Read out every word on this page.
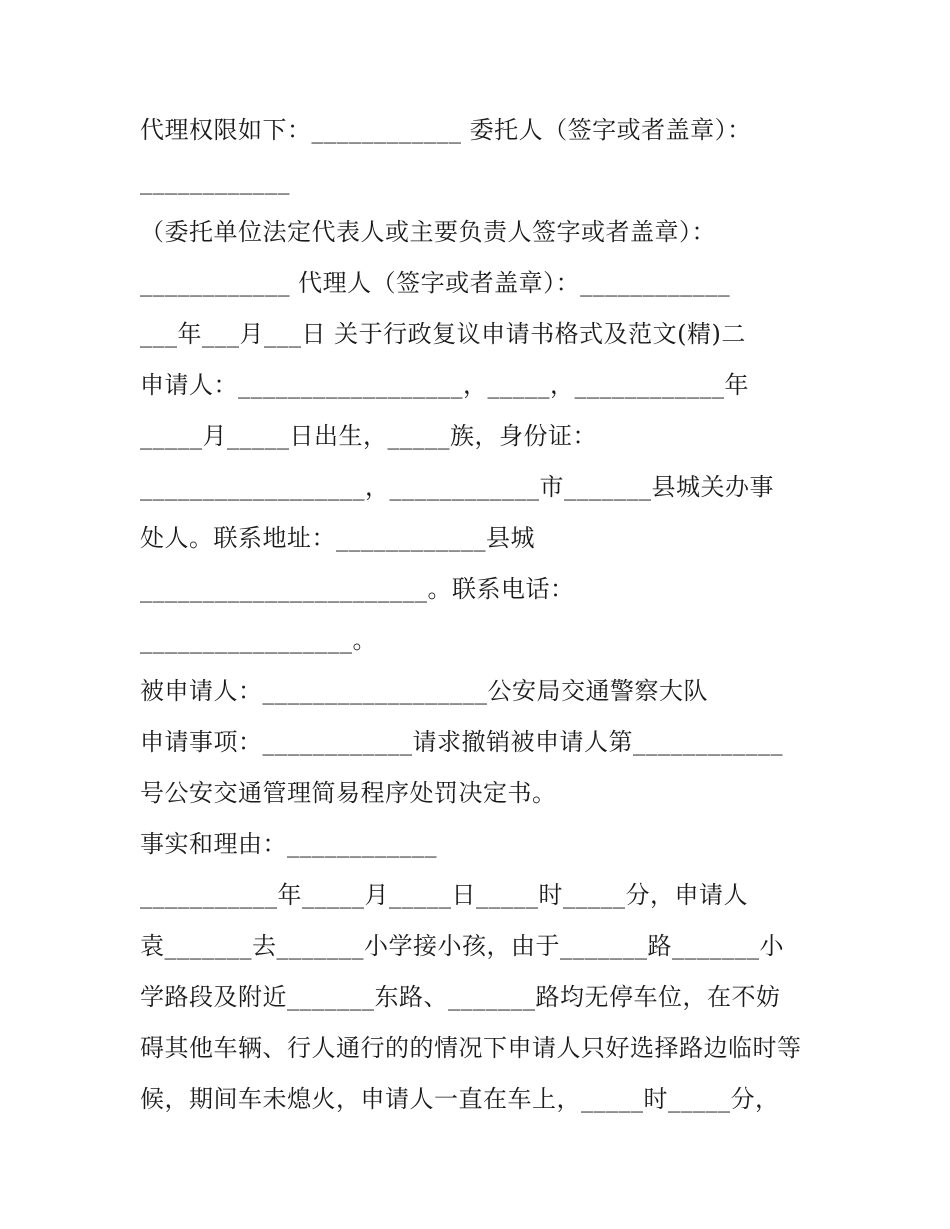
代理权限如下：____________ 委托人（签字或者盖章）：
____________
（委托单位法定代表人或主要负责人签字或者盖章）：
____________ 代理人（签字或者盖章）：____________
___年___月___日 关于行政复议申请书格式及范文(精)二
申请人：__________________，_____，____________年
_____月_____日出生，_____族，身份证：
__________________，____________市_______县城关办事
处人。联系地址：____________县城
_______________________。联系电话：
_________________。
被申请人：__________________公安局交通警察大队
申请事项：____________请求撤销被申请人第____________
号公安交通管理简易程序处罚决定书。
事实和理由：____________
___________年_____月_____日_____时_____分，申请人
袁_______去_______小学接小孩，由于_______路_______小
学路段及附近_______东路、_______路均无停车位，在不妨
碍其他车辆、行人通行的的情况下申请人只好选择路边临时等
候，期间车未熄火，申请人一直在车上，_____时_____分，
